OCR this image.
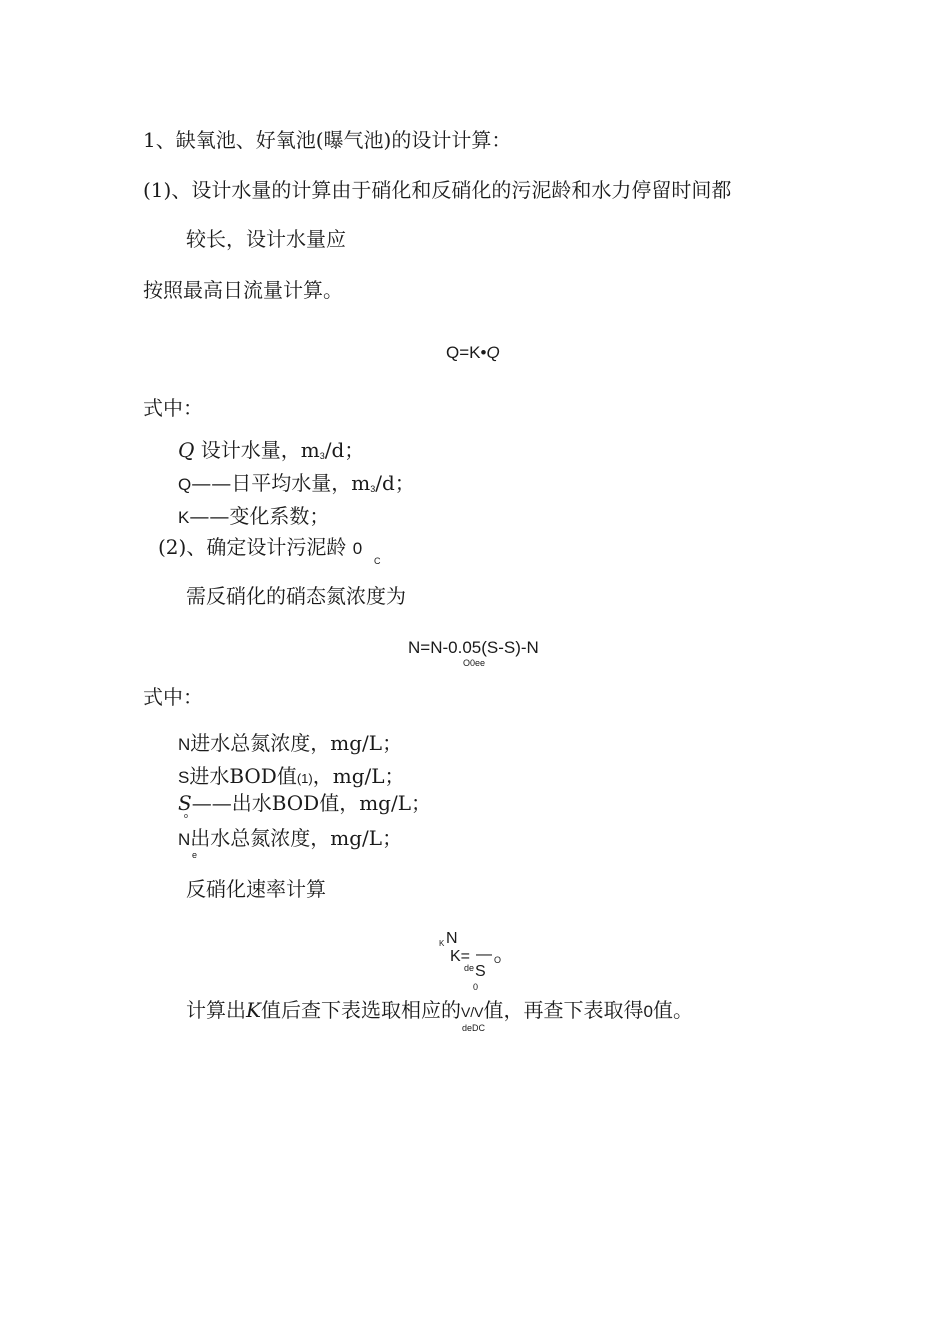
1、缺氧池、好氧池(曝气池)的设计计算：
(1)、设计水量的计算由于硝化和反硝化的污泥龄和水力停留时间都
较长，设计水量应
按照最高日流量计算。
Q=K•Q
式中：
Q 设计水量，$m_3/d$；
Q——日平均水量，$m_3/d$；
K——变化系数；
(2)、确定设计污泥龄 0
C
需反硝化的硝态氮浓度为
N=N-0.05(S-S)-N
O0ee
式中：
N进水总氮浓度，mg/L；
S进水BOD值(1)，mg/L；
S——出水BOD值，mg/L；
o
N出水总氮浓度，mg/L；
e
反硝化速率计算
K N
K= — O
de S
0
计算出K值后查下表选取相应的V/V值，再查下表取得0值。
deDC
